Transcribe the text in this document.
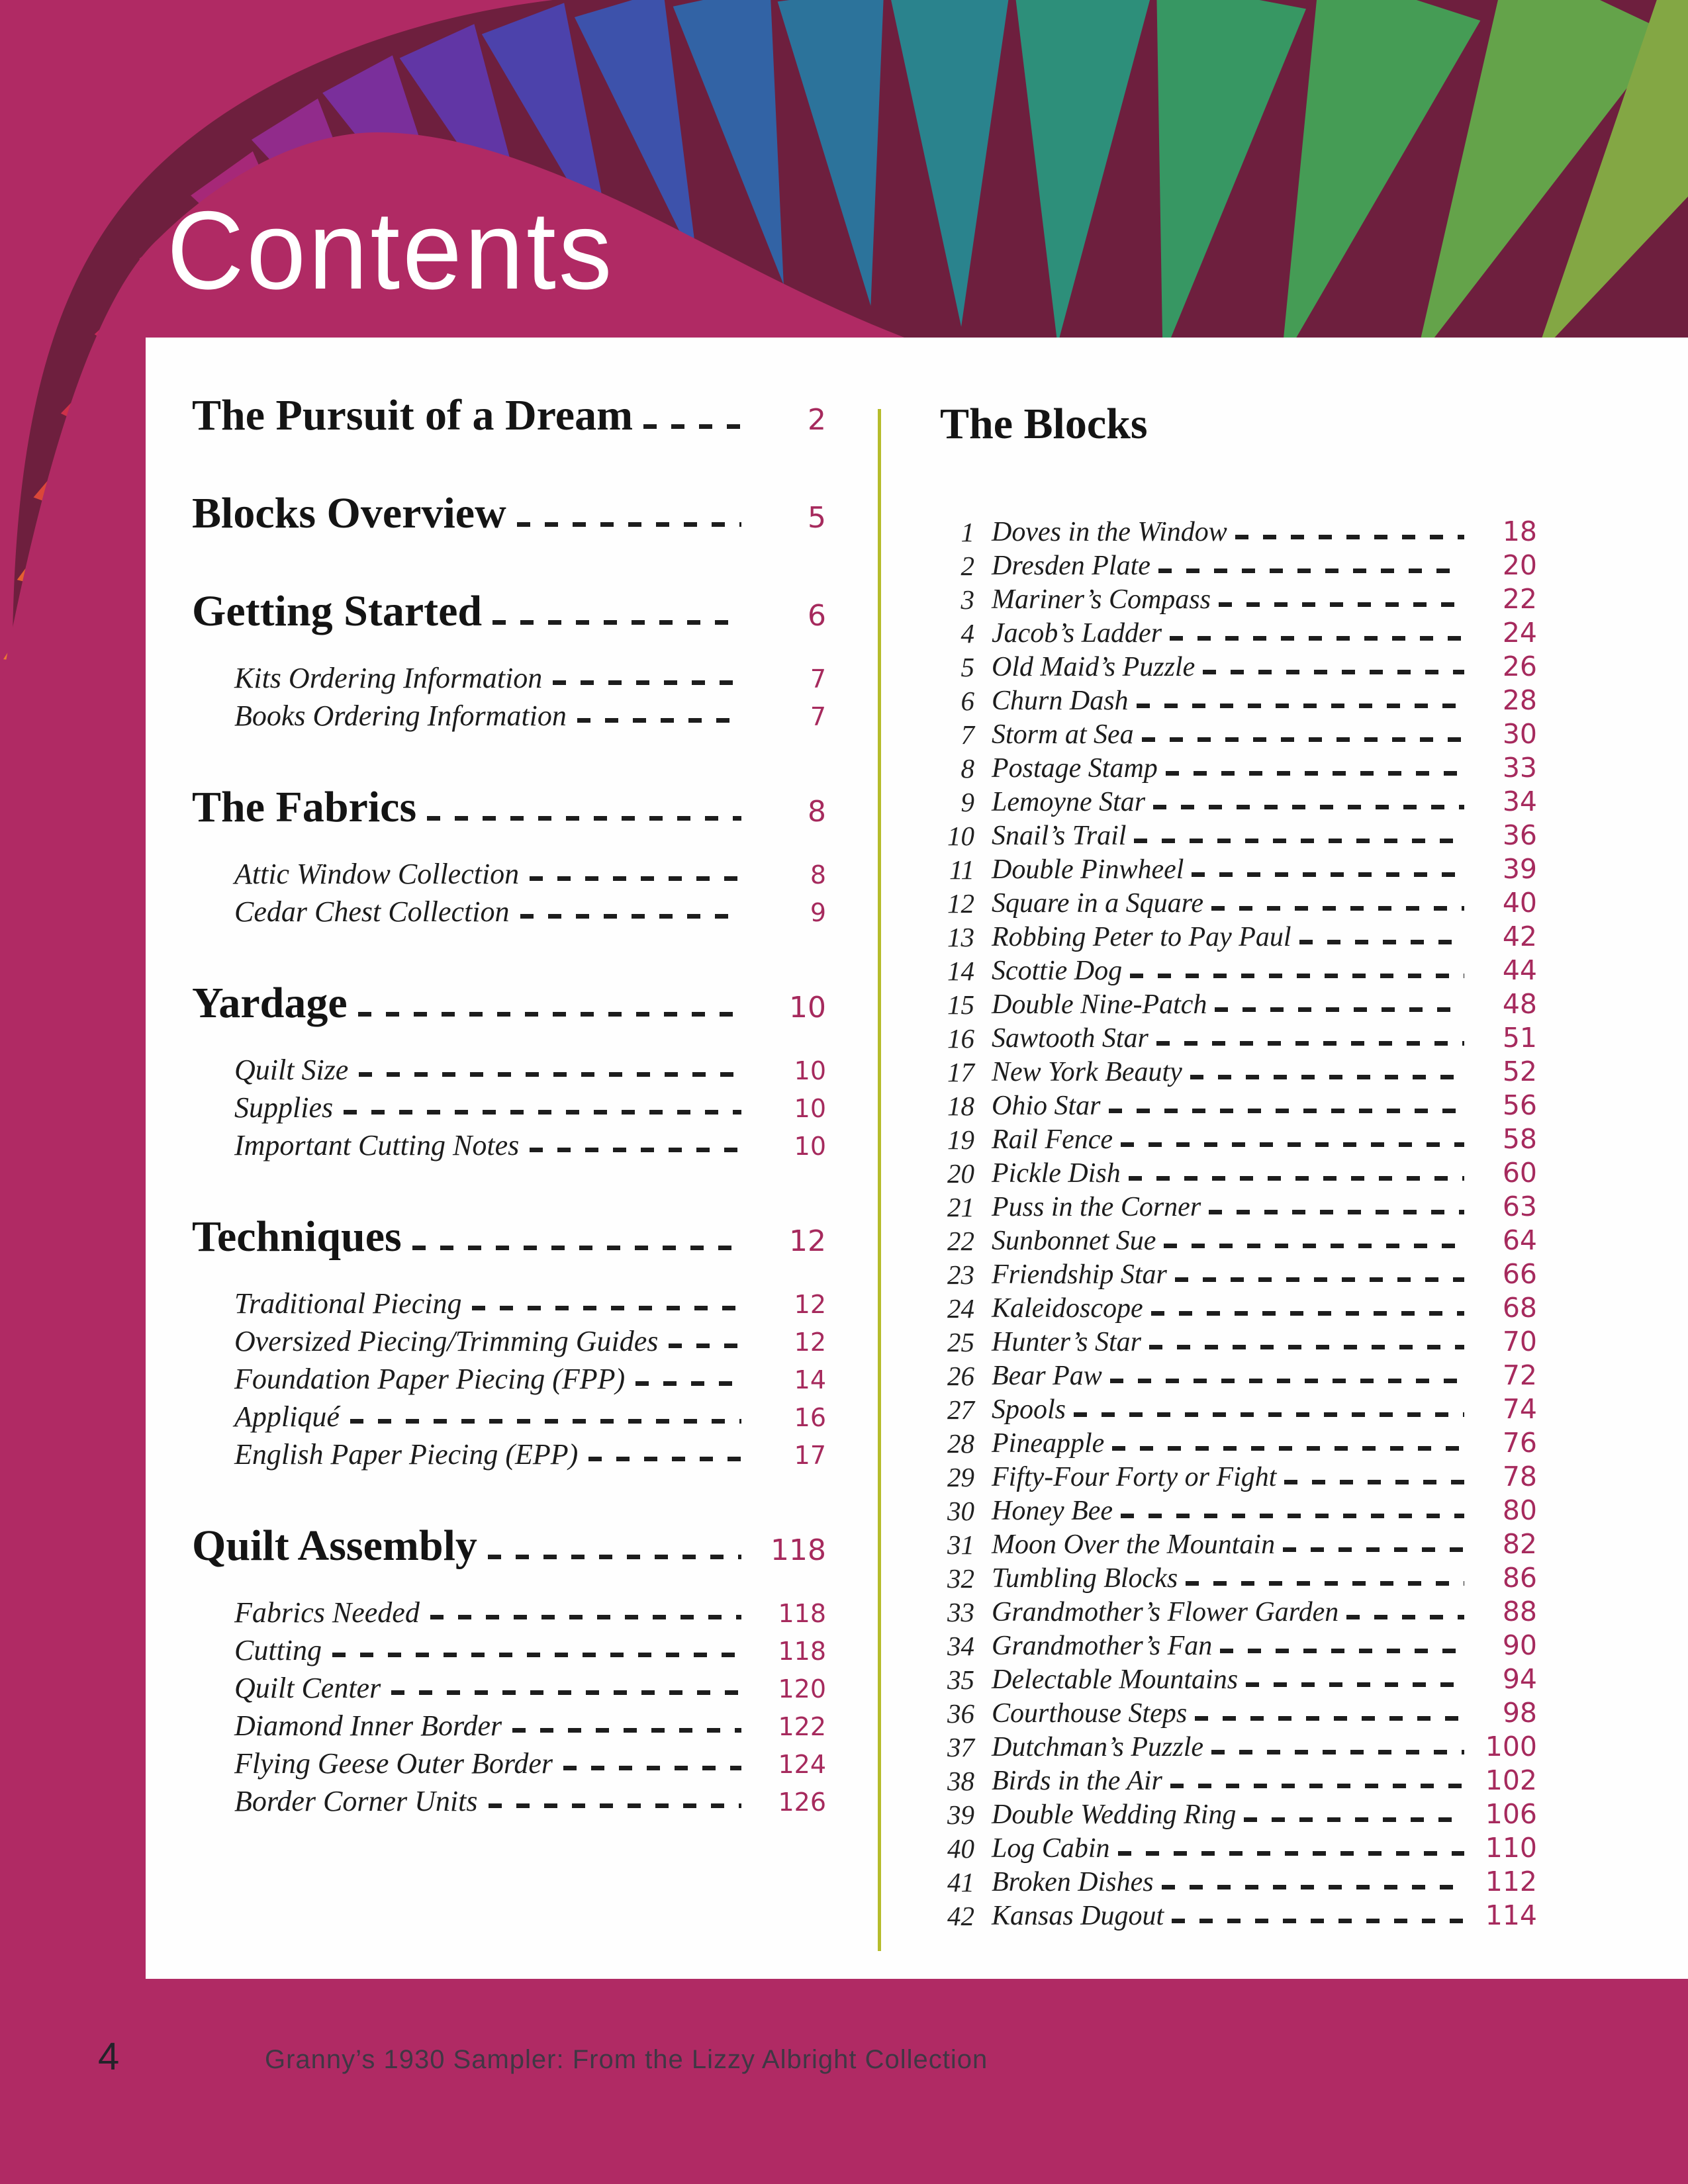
Contents
The Pursuit of a Dream	2
Blocks Overview	5
Getting Started	6
Kits Ordering Information	7
Books Ordering Information	7
The Fabrics	8
Attic Window Collection	8
Cedar Chest Collection	9
Yardage	10
Quilt Size	10
Supplies	10
Important Cutting Notes	10
Techniques	12
Traditional Piecing	12
Oversized Piecing/Trimming Guides	12
Foundation Paper Piecing (FPP)	14
Appliqué	16
English Paper Piecing (EPP)	17
Quilt Assembly	118
Fabrics Needed	118
Cutting	118
Quilt Center	120
Diamond Inner Border	122
Flying Geese Outer Border	124
Border Corner Units	126
The Blocks
1 Doves in the Window	18
2 Dresden Plate	20
3 Mariner’s Compass	22
4 Jacob’s Ladder	24
5 Old Maid’s Puzzle	26
6 Churn Dash	28
7 Storm at Sea	30
8 Postage Stamp	33
9 Lemoyne Star	34
10 Snail’s Trail	36
11 Double Pinwheel	39
12 Square in a Square	40
13 Robbing Peter to Pay Paul	42
14 Scottie Dog	44
15 Double Nine-Patch	48
16 Sawtooth Star	51
17 New York Beauty	52
18 Ohio Star	56
19 Rail Fence	58
20 Pickle Dish	60
21 Puss in the Corner	63
22 Sunbonnet Sue	64
23 Friendship Star	66
24 Kaleidoscope	68
25 Hunter’s Star	70
26 Bear Paw	72
27 Spools	74
28 Pineapple	76
29 Fifty-Four Forty or Fight	78
30 Honey Bee	80
31 Moon Over the Mountain	82
32 Tumbling Blocks	86
33 Grandmother’s Flower Garden	88
34 Grandmother’s Fan	90
35 Delectable Mountains	94
36 Courthouse Steps	98
37 Dutchman’s Puzzle	100
38 Birds in the Air	102
39 Double Wedding Ring	106
40 Log Cabin	110
41 Broken Dishes	112
42 Kansas Dugout	114
4	Granny’s 1930 Sampler: From the Lizzy Albright Collection
